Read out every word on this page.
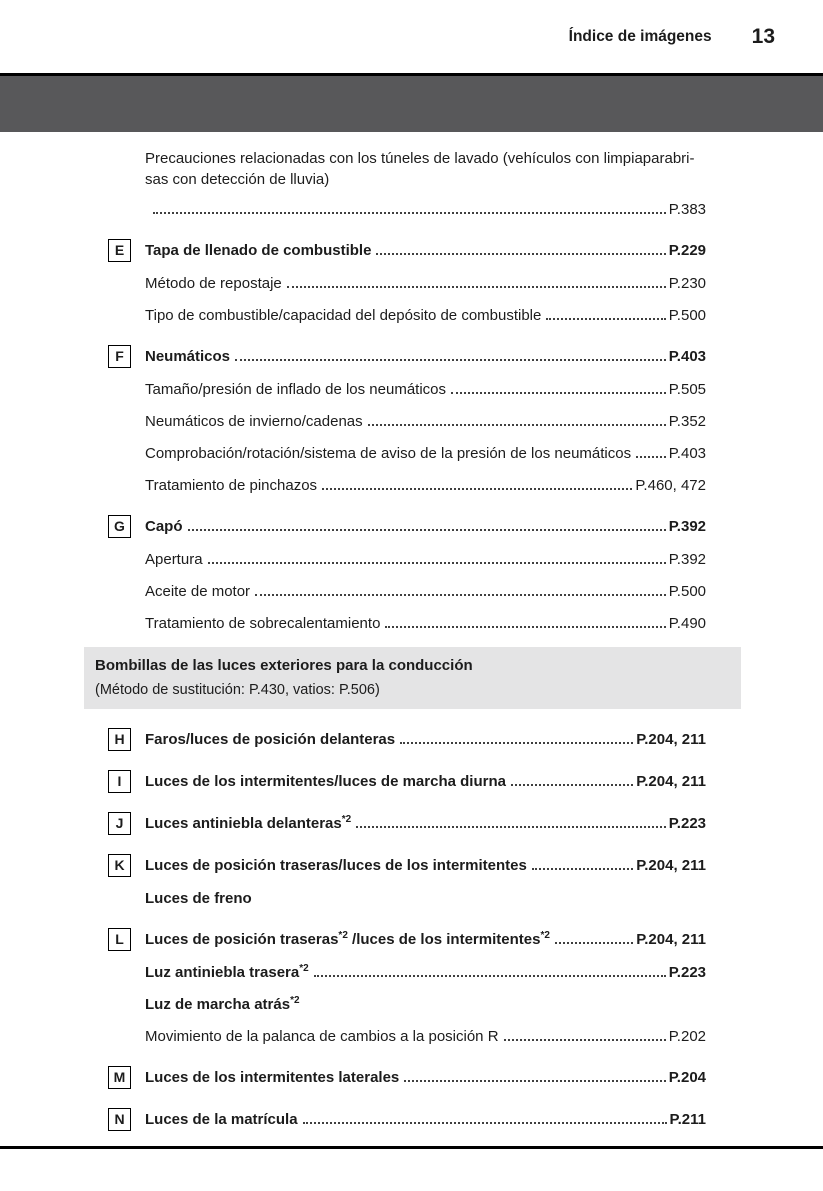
Índice de imágenes 13
Precauciones relacionadas con los túneles de lavado (vehículos con limpiaparabri-sas con detección de lluvia)
P.383
E	Tapa de llenado de combustible	P.229
Método de repostaje	P.230
Tipo de combustible/capacidad del depósito de combustible	P.500
F	Neumáticos	P.403
Tamaño/presión de inflado de los neumáticos	P.505
Neumáticos de invierno/cadenas	P.352
Comprobación/rotación/sistema de aviso de la presión de los neumáticos	P.403
Tratamiento de pinchazos	P.460, 472
G	Capó	P.392
Apertura	P.392
Aceite de motor	P.500
Tratamiento de sobrecalentamiento	P.490
Bombillas de las luces exteriores para la conducción
(Método de sustitución: P.430, vatios: P.506)
H	Faros/luces de posición delanteras	P.204, 211
I	Luces de los intermitentes/luces de marcha diurna	P.204, 211
J	Luces antiniebla delanteras$^{*2}$	P.223
K	Luces de posición traseras/luces de los intermitentes	P.204, 211
Luces de freno
L	Luces de posición traseras$^{*2}$ /luces de los intermitentes$^{*2}$	P.204, 211
Luz antiniebla trasera$^{*2}$	P.223
Luz de marcha atrás$^{*2}$
Movimiento de la palanca de cambios a la posición R	P.202
M	Luces de los intermitentes laterales	P.204
N	Luces de la matrícula	P.211
